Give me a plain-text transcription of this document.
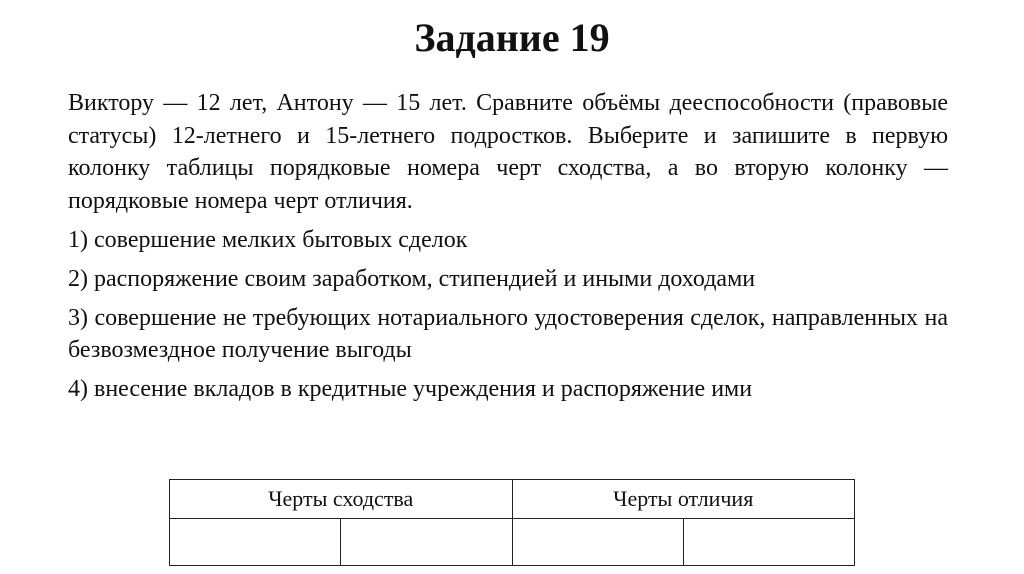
Задание 19

Виктору — 12 лет, Антону — 15 лет. Сравните объёмы дееспособности (правовые статусы) 12-летнего и 15-летнего подростков. Выберите и запишите в первую колонку таблицы порядковые номера черт сходства, а во вторую колонку — порядковые номера черт отличия.

1) совершение мелких бытовых сделок

2) распоряжение своим заработком, стипендией и иными доходами

3) совершение не требующих нотариального удостоверения сделок, направленных на безвозмездное получение выгоды

4) внесение вкладов в кредитные учреждения и распоряжение ими

Черты сходства		Черты отличия	
